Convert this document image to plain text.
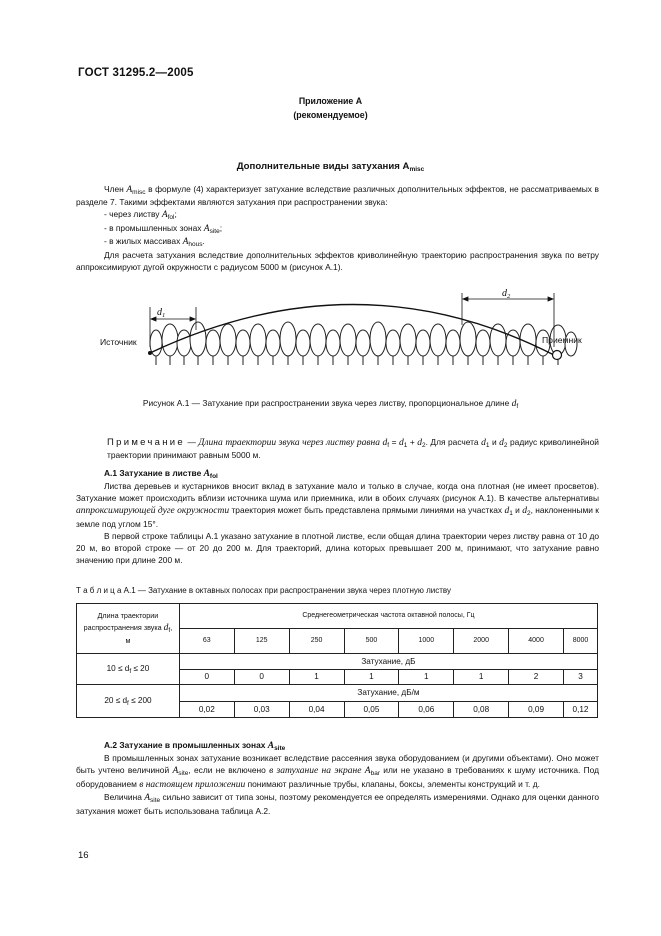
ГОСТ 31295.2—2005
Приложение А
(рекомендуемое)
Дополнительные виды затухания $A_{misc}$

Член $A_{misc}$ в формуле (4) характеризует затухание вследствие различных дополнительных эффектов, не рассматриваемых в разделе 7. Такими эффектами являются затухания при распространении звука:

- через листву $A_{fol}$;

- в промышленных зонах $A_{site}$;

- в жилых массивах $A_{hous}$.

Для расчета затухания вследствие дополнительных эффектов криволинейную траекторию распространения звука по ветру аппроксимируют дугой окружности с радиусом 5000 м (рисунок А.1).

Источник	Приемник
$d_1$
$d_2$
Рисунок А.1 — Затухание при распространении звука через листву, пропорциональное длине $d_f$

Примечание — Длина траектории звука через листву равна $d_f = d_1 + d_2$. Для расчета $d_1$ и $d_2$ радиус криволинейной траектории принимают равным 5000 м.

А.1 Затухание в листве $A_{fol}$

Листва деревьев и кустарников вносит вклад в затухание мало и только в случае, когда она плотная (не имеет просветов). Затухание может происходить вблизи источника шума или приемника, или в обоих случаях (рисунок А.1). В качестве альтернативы аппроксимирующей дуге окружности траектория может быть представлена прямыми линиями на участках $d_1$ и $d_2$, наклоненными к земле под углом 15°.

В первой строке таблицы А.1 указано затухание в плотной листве, если общая длина траектории через листву равна от 10 до 20 м, во второй строке — от 20 до 200 м. Для траекторий, длина которых превышает 200 м, принимают, что затухание равно значению при длине 200 м.

Т а б л и ц а А.1 — Затухание в октавных полосах при распространении звука через плотную листву
Длина траектории распространения звука $d_f$, м	Среднегеометрическая частота октавной полосы, Гц							
	63	125	250	500	1000	2000	4000	8000
$10 \le d_f \le 20$	Затухание, дБ							
	0	0	1	1	1	1	2	3
$20 \le d_f \le 200$	Затухание, дБ/м							
	0,02	0,03	0,04	0,05	0,06	0,08	0,09	0,12

А.2 Затухание в промышленных зонах $A_{site}$

В промышленных зонах затухание возникает вследствие рассеяния звука оборудованием (и другими объектами). Оно может быть учтено величиной $A_{site}$, если не включено в затухание на экране $A_{bar}$ или не указано в требованиях к шуму источника. Под оборудованием в настоящем приложении понимают различные трубы, клапаны, боксы, элементы конструкций и т. д.

Величина $A_{site}$ сильно зависит от типа зоны, поэтому рекомендуется ее определять измерениями. Однако для оценки данного затухания может быть использована таблица А.2.

16
